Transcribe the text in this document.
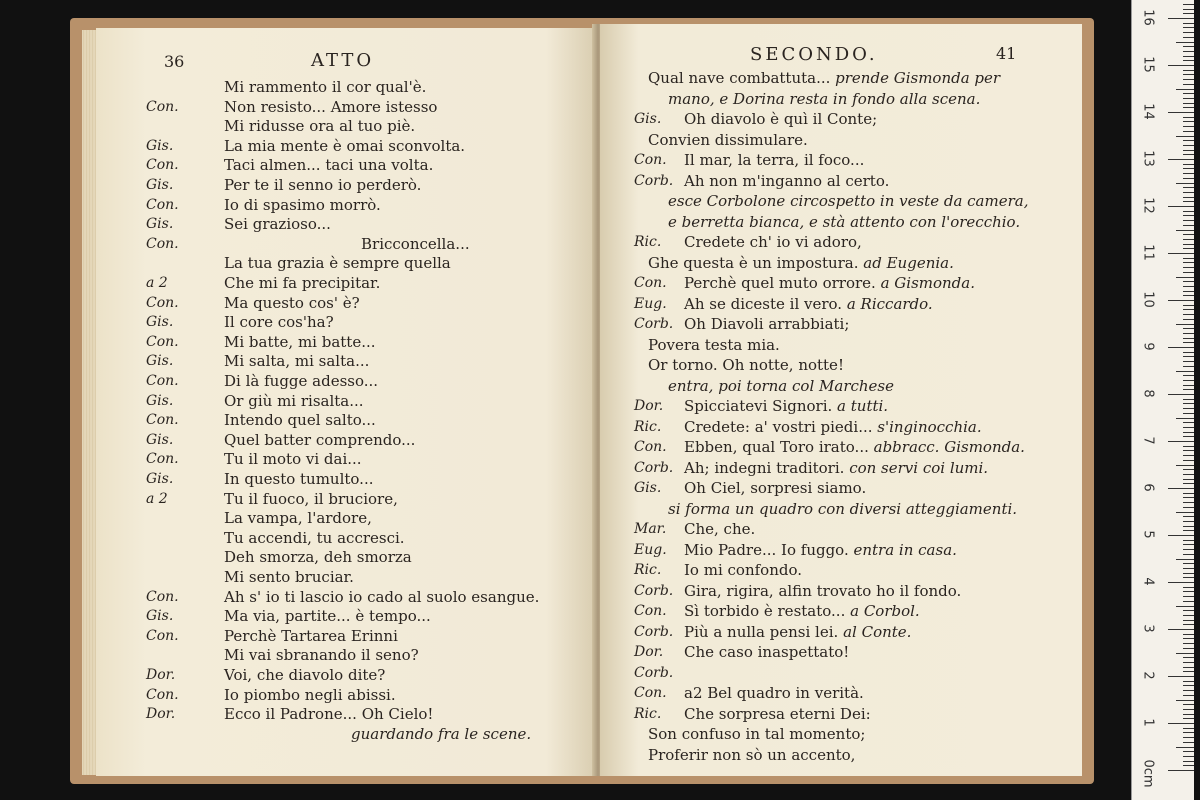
36	ATTO
Mi rammento il cor qual'è.
Con.	Non resisto... Amore istesso
Mi ridusse ora al tuo piè.
Gis.	La mia mente è omai sconvolta.
Con.	Taci almen... taci una volta.
Gis.	Per te il senno io perderò.
Con.	Io di spasimo morrò.
Gis.	Sei grazioso...
Con.	Bricconcella...
La tua grazia è sempre quella
a 2	Che mi fa precipitar.
Con.	Ma questo cos' è?
Gis.	Il core cos'ha?
Con.	Mi batte, mi batte...
Gis.	Mi salta, mi salta...
Con.	Di là fugge adesso...
Gis.	Or giù mi risalta...
Con.	Intendo quel salto...
Gis.	Quel batter comprendo...
Con.	Tu il moto vi dai...
Gis.	In questo tumulto...
a 2	Tu il fuoco, il bruciore,
La vampa, l'ardore,
Tu accendi, tu accresci.
Deh smorza, deh smorza
Mi sento bruciar.
Con.	Ah s' io ti lascio io cado al suolo esangue.
Gis.	Ma via, partite... è tempo...
Con.	Perchè Tartarea Erinni
Mi vai sbranando il seno?
Dor.	Voi, che diavolo dite?
Con.	Io piombo negli abissi.
Dor.	Ecco il Padrone... Oh Cielo!
guardando fra le scene.
SECONDO.	41
Qual nave combattuta... prende Gismonda per
mano, e Dorina resta in fondo alla scena.
Gis. Oh diavolo è quì il Conte;
Convien dissimulare.
Con. Il mar, la terra, il foco...
Corb. Ah non m'inganno al certo.
esce Corbolone circospetto in veste da camera,
e berretta bianca, e stà attento con l'orecchio.
Ric. Credete ch' io vi adoro,
Ghe questa è un impostura. ad Eugenia.
Con. Perchè quel muto orrore. a Gismonda.
Eug. Ah se diceste il vero. a Riccardo.
Corb. Oh Diavoli arrabbiati;
Povera testa mia.
Or torno. Oh notte, notte!
entra, poi torna col Marchese
Dor. Spicciatevi Signori. a tutti.
Ric. Credete: a' vostri piedi... s'inginocchia.
Con. Ebben, qual Toro irato... abbracc. Gismonda.
Corb. Ah; indegni traditori. con servi coi lumi.
Gis. Oh Ciel, sorpresi siamo.
si forma un quadro con diversi atteggiamenti.
Mar. Che, che.
Eug. Mio Padre... Io fuggo. entra in casa.
Ric. Io mi confondo.
Corb. Gira, rigira, alfin trovato ho il fondo.
Con. Sì torbido è restato... a Corbol.
Corb. Più a nulla pensi lei. al Conte.
Dor. Che caso inaspettato!
Corb.
Con. a2 Bel quadro in verità.
Ric. Che sorpresa eterni Dei:
Son confuso in tal momento;
Proferir non sò un accento,
0cm
1
2
3
4
5
6
7
8
9
10
11
12
13
14
15
16
